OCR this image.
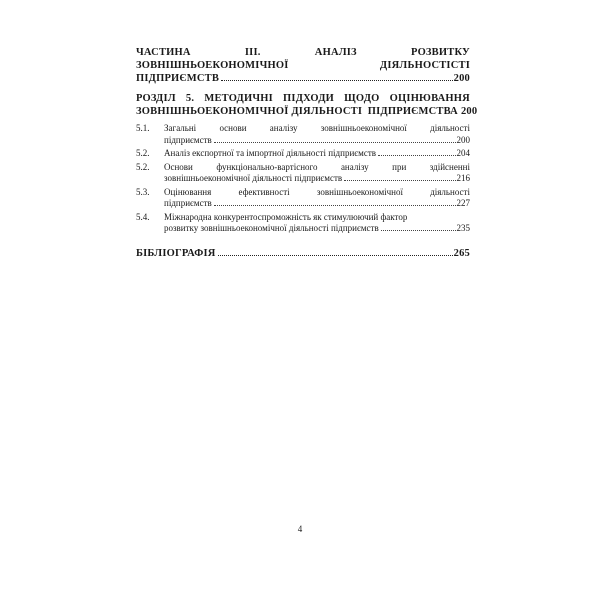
ЧАСТИНА	ІІІ.	АНАЛІЗ	РОЗВИТКУ
ЗОВНІШНЬОЕКОНОМІЧНОЇ	ДІЯЛЬНОСТІСТІ
ПІДПРИЄМСТВ	200
РОЗДІЛ 5. МЕТОДИЧНІ ПІДХОДИ ЩОДО ОЦІНЮВАННЯ
ЗОВНІШНЬОЕКОНОМІЧНОЇ ДІЯЛЬНОСТІ  ПІДПРИЄМСТВА 200
5.1.	Загальні	основи	аналізу	зовнішньоекономічної	діяльності
підприємств	200
5.2.	Аналіз експортної та імпортної діяльності підприємств	204
5.2.	Основи	функціонально-вартісного	аналізу	при	здійсненні
зовнішньоекономічної діяльності підприємств	216
5.3.	Оцінювання	ефективності	зовнішньоекономічної	діяльності
підприємств	227
5.4.	Міжнародна конкурентоспроможність як стимулюючий фактор
розвитку зовнішньоекономічної діяльності підприємств	235
БІБЛІОГРАФІЯ	265
4
